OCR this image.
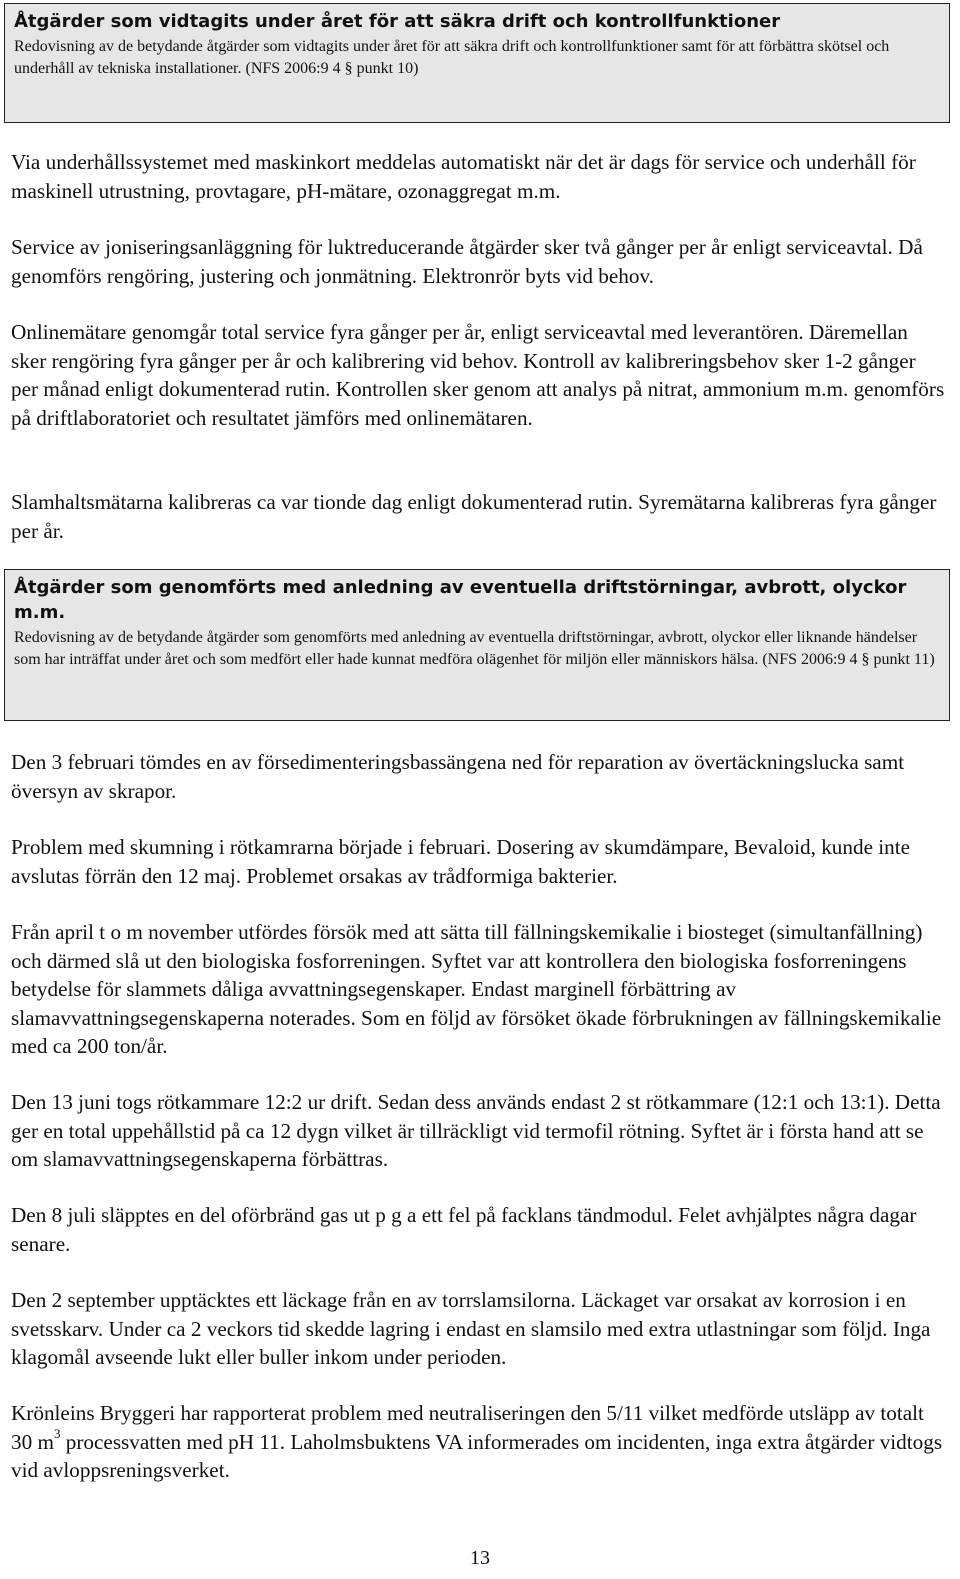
Åtgärder som vidtagits under året för att säkra drift och kontrollfunktioner

Redovisning av de betydande åtgärder som vidtagits under året för att säkra drift och kontrollfunktioner samt för att förbättra skötsel och underhåll av tekniska installationer. (NFS 2006:9 4 § punkt 10)

Via underhållssystemet med maskinkort meddelas automatiskt när det är dags för service och underhåll för maskinell utrustning, provtagare, pH-mätare, ozonaggregat m.m.

Service av joniseringsanläggning för luktreducerande åtgärder sker två gånger per år enligt serviceavtal. Då genomförs rengöring, justering och jonmätning. Elektronrör byts vid behov.

Onlinemätare genomgår total service fyra gånger per år, enligt serviceavtal med leverantören. Däremellan sker rengöring fyra gånger per år och kalibrering vid behov. Kontroll av kalibreringsbehov sker 1-2 gånger per månad enligt dokumenterad rutin. Kontrollen sker genom att analys på nitrat, ammonium m.m. genomförs på driftlaboratoriet och resultatet jämförs med onlinemätaren.

Slamhaltsmätarna kalibreras ca var tionde dag enligt dokumenterad rutin. Syremätarna kalibreras fyra gånger per år.

Åtgärder som genomförts med anledning av eventuella driftstörningar, avbrott, olyckor m.m.

Redovisning av de betydande åtgärder som genomförts med anledning av eventuella driftstörningar, avbrott, olyckor eller liknande händelser som har inträffat under året och som medfört eller hade kunnat medföra olägenhet för miljön eller människors hälsa. (NFS 2006:9 4 § punkt 11)

Den 3 februari tömdes en av försedimenteringsbassängena ned för reparation av övertäckningslucka samt översyn av skrapor.

Problem med skumning i rötkamrarna började i februari. Dosering av skumdämpare, Bevaloid, kunde inte avslutas förrän den 12 maj. Problemet orsakas av trådformiga bakterier.

Från april t o m november utfördes försök med att sätta till fällningskemikalie i biosteget (simultanfällning) och därmed slå ut den biologiska fosforreningen. Syftet var att kontrollera den biologiska fosforreningens betydelse för slammets dåliga avvattningsegenskaper. Endast marginell förbättring av slamavvattningsegenskaperna noterades. Som en följd av försöket ökade förbrukningen av fällningskemikalie med ca 200 ton/år.

Den 13 juni togs rötkammare 12:2 ur drift. Sedan dess används endast 2 st rötkammare (12:1 och 13:1). Detta ger en total uppehållstid på ca 12 dygn vilket är tillräckligt vid termofil rötning. Syftet är i första hand att se om slamavvattningsegenskaperna förbättras.

Den 8 juli släpptes en del oförbränd gas ut p g a ett fel på facklans tändmodul. Felet avhjälptes några dagar senare.

Den 2 september upptäcktes ett läckage från en av torrslamsilorna. Läckaget var orsakat av korrosion i en svetsskarv. Under ca 2 veckors tid skedde lagring i endast en slamsilo med extra utlastningar som följd. Inga klagomål avseende lukt eller buller inkom under perioden.

Krönleins Bryggeri har rapporterat problem med neutraliseringen den 5/11 vilket medförde utsläpp av totalt 30 $m^3$ processvatten med pH 11. Laholmsbuktens VA informerades om incidenten, inga extra åtgärder vidtogs vid avloppsreningsverket.

13
